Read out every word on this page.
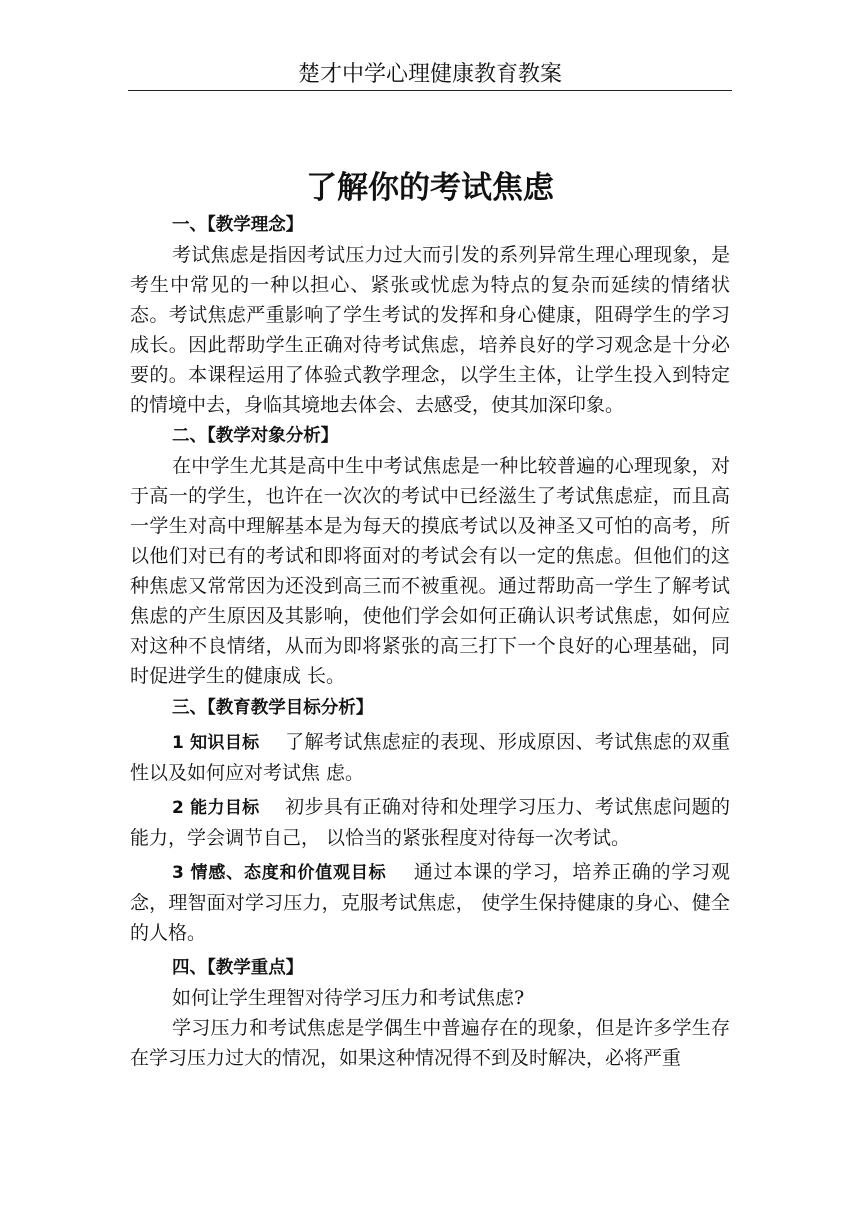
楚才中学心理健康教育教案
了解你的考试焦虑
一、【教学理念】

考试焦虑是指因考试压力过大而引发的系列异常生理心理现象，是考生中常见的一种以担心、紧张或忧虑为特点的复杂而延续的情绪状态。考试焦虑严重影响了学生考试的发挥和身心健康，阻碍学生的学习成长。因此帮助学生正确对待考试焦虑，培养良好的学习观念是十分必要的。本课程运用了体验式教学理念，以学生主体，让学生投入到特定的情境中去，身临其境地去体会、去感受，使其加深印象。

二、【教学对象分析】

在中学生尤其是高中生中考试焦虑是一种比较普遍的心理现象，对于高一的学生，也许在一次次的考试中已经滋生了考试焦虑症，而且高一学生对高中理解基本是为每天的摸底考试以及神圣又可怕的高考，所以他们对已有的考试和即将面对的考试会有以一定的焦虑。但他们的这种焦虑又常常因为还没到高三而不被重视。通过帮助高一学生了解考试焦虑的产生原因及其影响，使他们学会如何正确认识考试焦虑，如何应对这种不良情绪，从而为即将紧张的高三打下一个良好的心理基础，同时促进学生的健康成 长。

三、【教育教学目标分析】

1 知识目标 了解考试焦虑症的表现、形成原因、考试焦虑的双重性以及如何应对考试焦 虑。

2 能力目标 初步具有正确对待和处理学习压力、考试焦虑问题的能力，学会调节自己， 以恰当的紧张程度对待每一次考试。

3 情感、态度和价值观目标 通过本课的学习，培养正确的学习观念，理智面对学习压力，克服考试焦虑， 使学生保持健康的身心、健全的人格。

四、【教学重点】

如何让学生理智对待学习压力和考试焦虑?

学习压力和考试焦虑是学偶生中普遍存在的现象，但是许多学生存在学习压力过大的情况，如果这种情况得不到及时解决，必将严重
